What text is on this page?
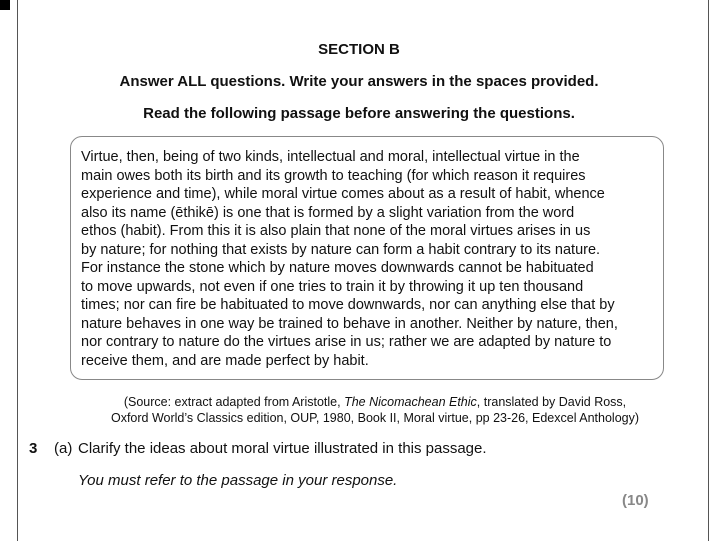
SECTION B
Answer ALL questions. Write your answers in the spaces provided.
Read the following passage before answering the questions.

Virtue, then, being of two kinds, intellectual and moral, intellectual virtue in the
main owes both its birth and its growth to teaching (for which reason it requires
experience and time), while moral virtue comes about as a result of habit, whence
also its name (ēthikē) is one that is formed by a slight variation from the word
ethos (habit). From this it is also plain that none of the moral virtues arises in us
by nature; for nothing that exists by nature can form a habit contrary to its nature.
For instance the stone which by nature moves downwards cannot be habituated
to move upwards, not even if one tries to train it by throwing it up ten thousand
times; nor can fire be habituated to move downwards, nor can anything else that by
nature behaves in one way be trained to behave in another. Neither by nature, then,
nor contrary to nature do the virtues arise in us; rather we are adapted by nature to
receive them, and are made perfect by habit.

(Source: extract adapted from Aristotle, The Nicomachean Ethic, translated by David Ross,
Oxford World’s Classics edition, OUP, 1980, Book II, Moral virtue, pp 23-26, Edexcel Anthology)
3 (a) Clarify the ideas about moral virtue illustrated in this passage.
You must refer to the passage in your response.
(10)
